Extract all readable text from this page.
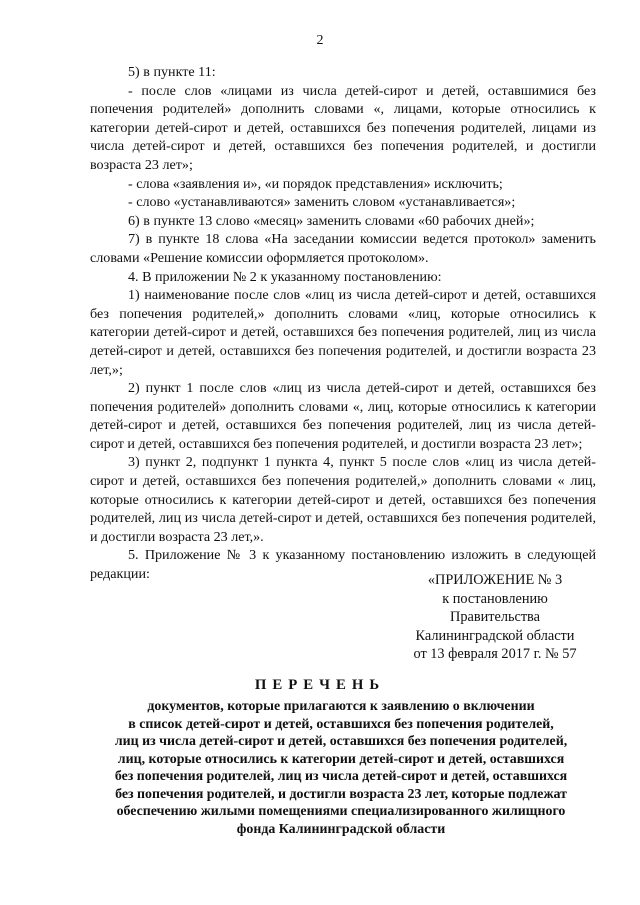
2

5) в пункте 11:

- после слов «лицами из числа детей-сирот и детей, оставшимися без попечения родителей» дополнить словами «, лицами, которые относились к категории детей-сирот и детей, оставшихся без попечения родителей, лицами из числа детей-сирот и детей, оставшихся без попечения родителей, и достигли возраста 23 лет»;

- слова «заявления и», «и порядок представления» исключить;

- слово «устанавливаются» заменить словом «устанавливается»;

6) в пункте 13 слово «месяц» заменить словами «60 рабочих дней»;

7) в пункте 18 слова «На заседании комиссии ведется протокол» заменить словами «Решение комиссии оформляется протоколом».

4. В приложении № 2 к указанному постановлению:

1) наименование после слов «лиц из числа детей-сирот и детей, оставшихся без попечения родителей,» дополнить словами «лиц, которые относились к категории детей-сирот и детей, оставшихся без попечения родителей, лиц из числа детей-сирот и детей, оставшихся без попечения родителей, и достигли возраста 23 лет,»;

2) пункт 1 после слов «лиц из числа детей-сирот и детей, оставшихся без попечения родителей» дополнить словами «, лиц, которые относились к категории детей-сирот и детей, оставшихся без попечения родителей, лиц из числа детей-сирот и детей, оставшихся без попечения родителей, и достигли возраста 23 лет»;

3) пункт 2, подпункт 1 пункта 4, пункт 5 после слов «лиц из числа детей-сирот и детей, оставшихся без попечения родителей,» дополнить словами « лиц, которые относились к категории детей-сирот и детей, оставшихся без попечения родителей, лиц из числа детей-сирот и детей, оставшихся без попечения родителей, и достигли возраста 23 лет,».

5. Приложение № 3 к указанному постановлению изложить в следующей редакции:	«ПРИЛОЖЕНИЕ № 3
к постановлению
Правительства
Калининградской области
от 13 февраля 2017 г. № 57
ПЕРЕЧЕНЬ
документов, которые прилагаются к заявлению о включении
в список детей-сирот и детей, оставшихся без попечения родителей,
лиц из числа детей-сирот и детей, оставшихся без попечения родителей,
лиц, которые относились к категории детей-сирот и детей, оставшихся
без попечения родителей, лиц из числа детей-сирот и детей, оставшихся
без попечения родителей, и достигли возраста 23 лет, которые подлежат
обеспечению жилыми помещениями специализированного жилищного
фонда Калининградской области
